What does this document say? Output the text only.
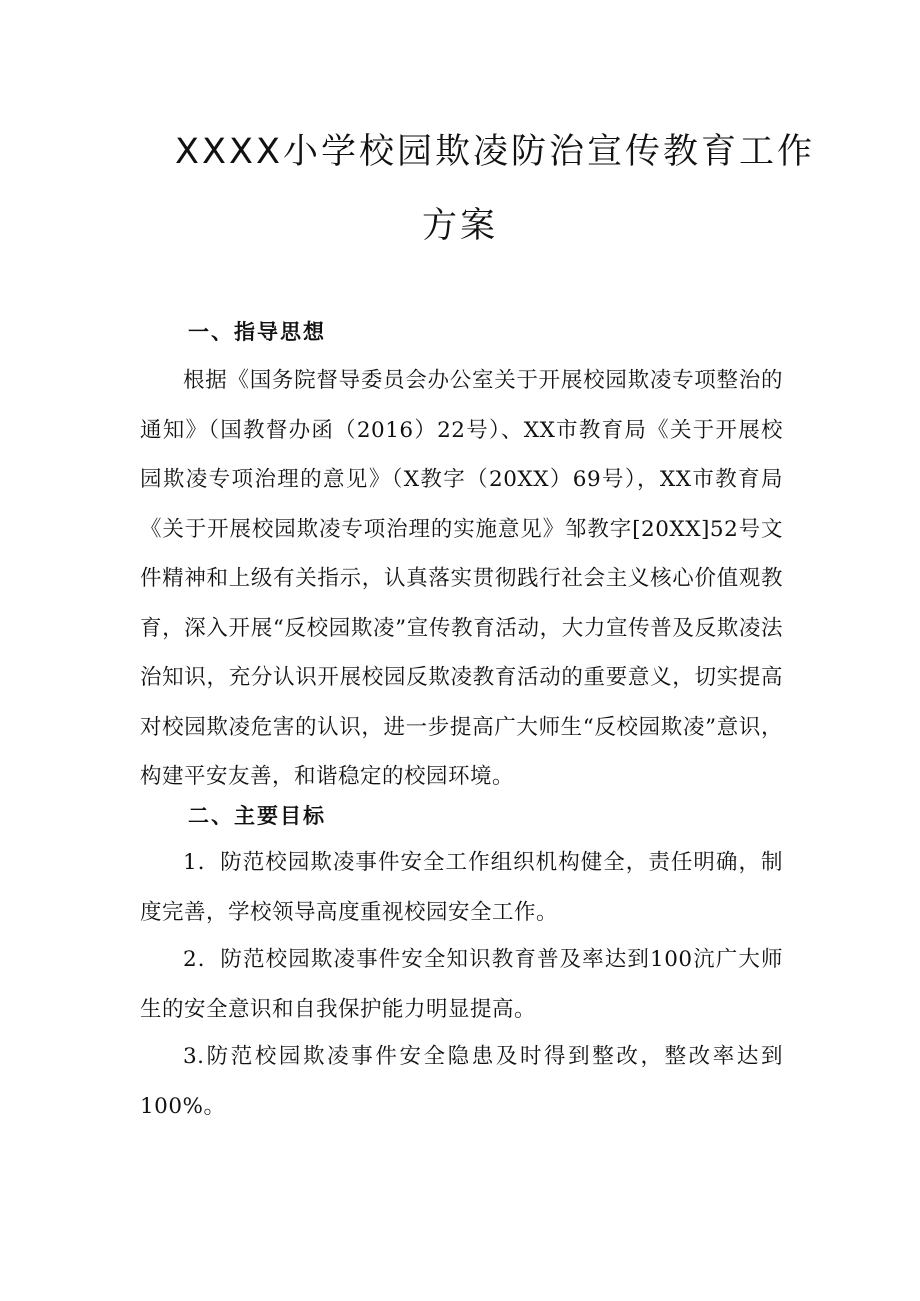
XXXX小学校园欺凌防治宣传教育工作
方案
一、指导思想

根据《国务院督导委员会办公室关于开展校园欺凌专项整治的通知》（国教督办函（2016）22号）、XX市教育局《关于开展校园欺凌专项治理的意见》（X教字（20XX）69号），XX市教育局《关于开展校园欺凌专项治理的实施意见》邹教字[20XX]52号文件精神和上级有关指示，认真落实贯彻践行社会主义核心价值观教育，深入开展“反校园欺凌”宣传教育活动，大力宣传普及反欺凌法治知识，充分认识开展校园反欺凌教育活动的重要意义，切实提高对校园欺凌危害的认识，进一步提高广大师生“反校园欺凌”意识，构建平安友善，和谐稳定的校园环境。

二、主要目标

1．防范校园欺凌事件安全工作组织机构健全，责任明确，制度完善，学校领导高度重视校园安全工作。

2．防范校园欺凌事件安全知识教育普及率达到100沆广大师生的安全意识和自我保护能力明显提高。

3.防范校园欺凌事件安全隐患及时得到整改，整改率达到100%。
